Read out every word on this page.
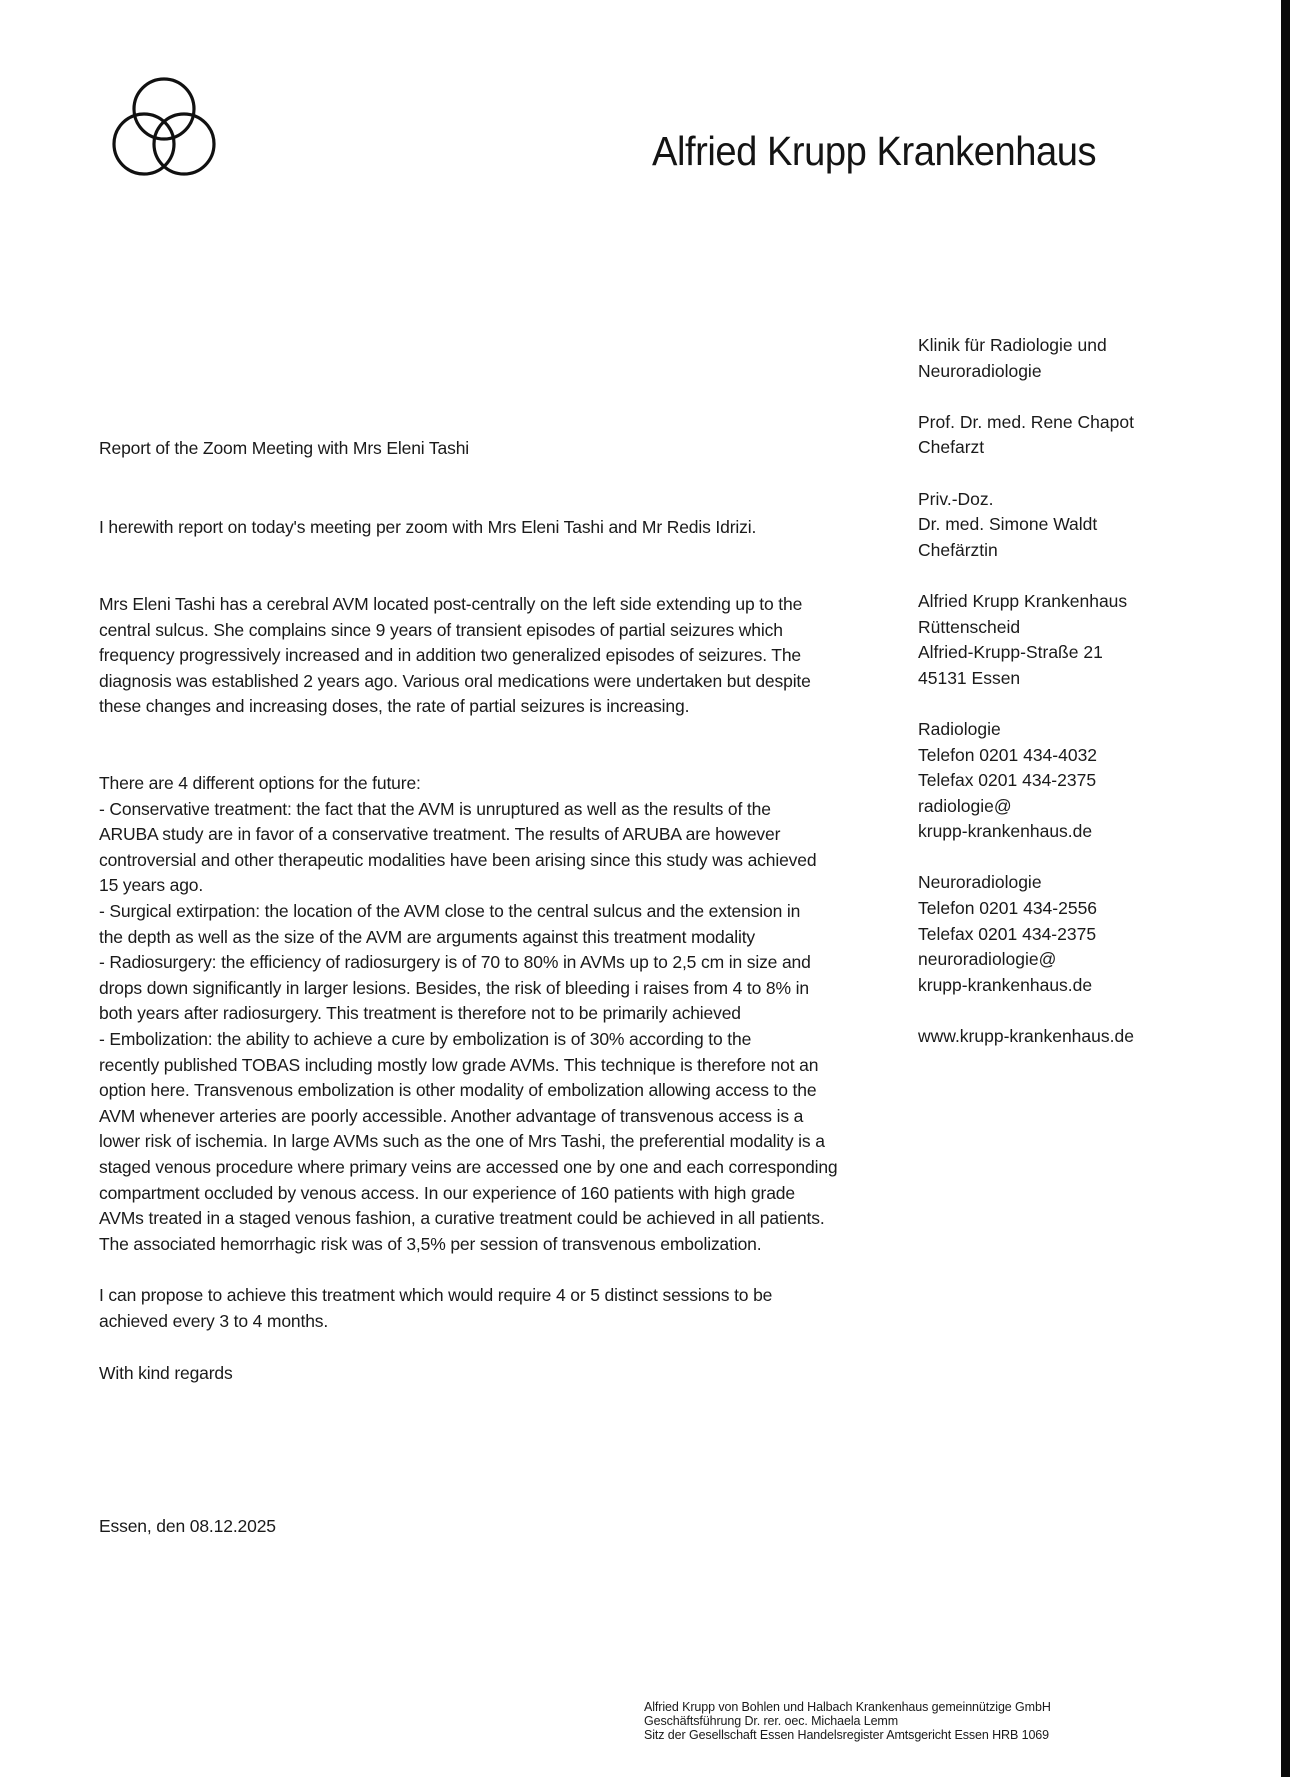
Alfried Krupp Krankenhaus
Klinik für Radiologie und
Neuroradiologie
Prof. Dr. med. Rene Chapot
Chefarzt
Priv.-Doz.
Dr. med. Simone Waldt
Chefärztin
Alfried Krupp Krankenhaus
Rüttenscheid
Alfried-Krupp-Straße 21
45131 Essen
Radiologie
Telefon 0201 434-4032
Telefax 0201 434-2375
radiologie@
krupp-krankenhaus.de
Neuroradiologie
Telefon 0201 434-2556
Telefax 0201 434-2375
neuroradiologie@
krupp-krankenhaus.de
www.krupp-krankenhaus.de
Report of the Zoom Meeting with Mrs Eleni Tashi
I herewith report on today's meeting per zoom with Mrs Eleni Tashi and Mr Redis Idrizi.
Mrs Eleni Tashi has a cerebral AVM located post-centrally on the left side extending up to the
central sulcus. She complains since 9 years of transient episodes of partial seizures which
frequency progressively increased and in addition two generalized episodes of seizures. The
diagnosis was established 2 years ago. Various oral medications were undertaken but despite
these changes and increasing doses, the rate of partial seizures is increasing.
There are 4 different options for the future:
- Conservative treatment: the fact that the AVM is unruptured as well as the results of the
ARUBA study are in favor of a conservative treatment. The results of ARUBA are however
controversial and other therapeutic modalities have been arising since this study was achieved
15 years ago.
- Surgical extirpation: the location of the AVM close to the central sulcus and the extension in
the depth as well as the size of the AVM are arguments against this treatment modality
- Radiosurgery: the efficiency of radiosurgery is of 70 to 80% in AVMs up to 2,5 cm in size and
drops down significantly in larger lesions. Besides, the risk of bleeding i raises from 4 to 8% in
both years after radiosurgery. This treatment is therefore not to be primarily achieved
- Embolization: the ability to achieve a cure by embolization is of 30% according to the
recently published TOBAS including mostly low grade AVMs. This technique is therefore not an
option here. Transvenous embolization is other modality of embolization allowing access to the
AVM whenever arteries are poorly accessible. Another advantage of transvenous access is a
lower risk of ischemia. In large AVMs such as the one of Mrs Tashi, the preferential modality is a
staged venous procedure where primary veins are accessed one by one and each corresponding
compartment occluded by venous access. In our experience of 160 patients with high grade
AVMs treated in a staged venous fashion, a curative treatment could be achieved in all patients.
The associated hemorrhagic risk was of 3,5% per session of transvenous embolization.
I can propose to achieve this treatment which would require 4 or 5 distinct sessions to be
achieved every 3 to 4 months.
With kind regards
Essen, den 08.12.2025
Alfried Krupp von Bohlen und Halbach Krankenhaus gemeinnützige GmbH
Geschäftsführung Dr. rer. oec. Michaela Lemm
Sitz der Gesellschaft Essen Handelsregister Amtsgericht Essen HRB 1069
